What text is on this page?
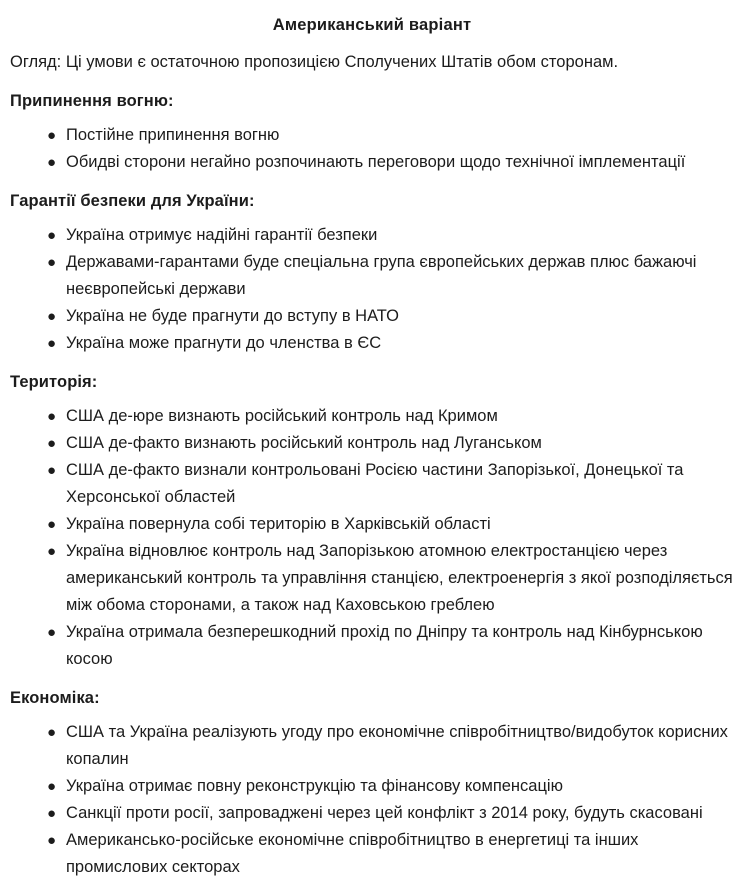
Американський варіант
Огляд: Ці умови є остаточною пропозицією Сполучених Штатів обом сторонам.
Припинення вогню:
● Постійне припинення вогню
● Обидві сторони негайно розпочинають переговори щодо технічної імплементації
Гарантії безпеки для України:
● Україна отримує надійні гарантії безпеки
● Державами-гарантами буде спеціальна група європейських держав плюс бажаючі
неєвропейські держави
● Україна не буде прагнути до вступу в НАТО
● Україна може прагнути до членства в ЄС
Територія:
● США де-юре визнають російський контроль над Кримом
● США де-факто визнають російський контроль над Луганськом
● США де-факто визнали контрольовані Росією частини Запорізької, Донецької та
Херсонської областей
● Україна повернула собі територію в Харківській області
● Україна відновлює контроль над Запорізькою атомною електростанцією через
американський контроль та управління станцією, електроенергія з якої розподіляється
між обома сторонами, а також над Каховською греблею
● Україна отримала безперешкодний прохід по Дніпру та контроль над Кінбурнською
косою
Економіка:
● США та Україна реалізують угоду про економічне співробітництво/видобуток корисних
копалин
● Україна отримає повну реконструкцію та фінансову компенсацію
● Санкції проти росії, запроваджені через цей конфлікт з 2014 року, будуть скасовані
● Американсько-російське економічне співробітництво в енергетиці та інших
промислових секторах
